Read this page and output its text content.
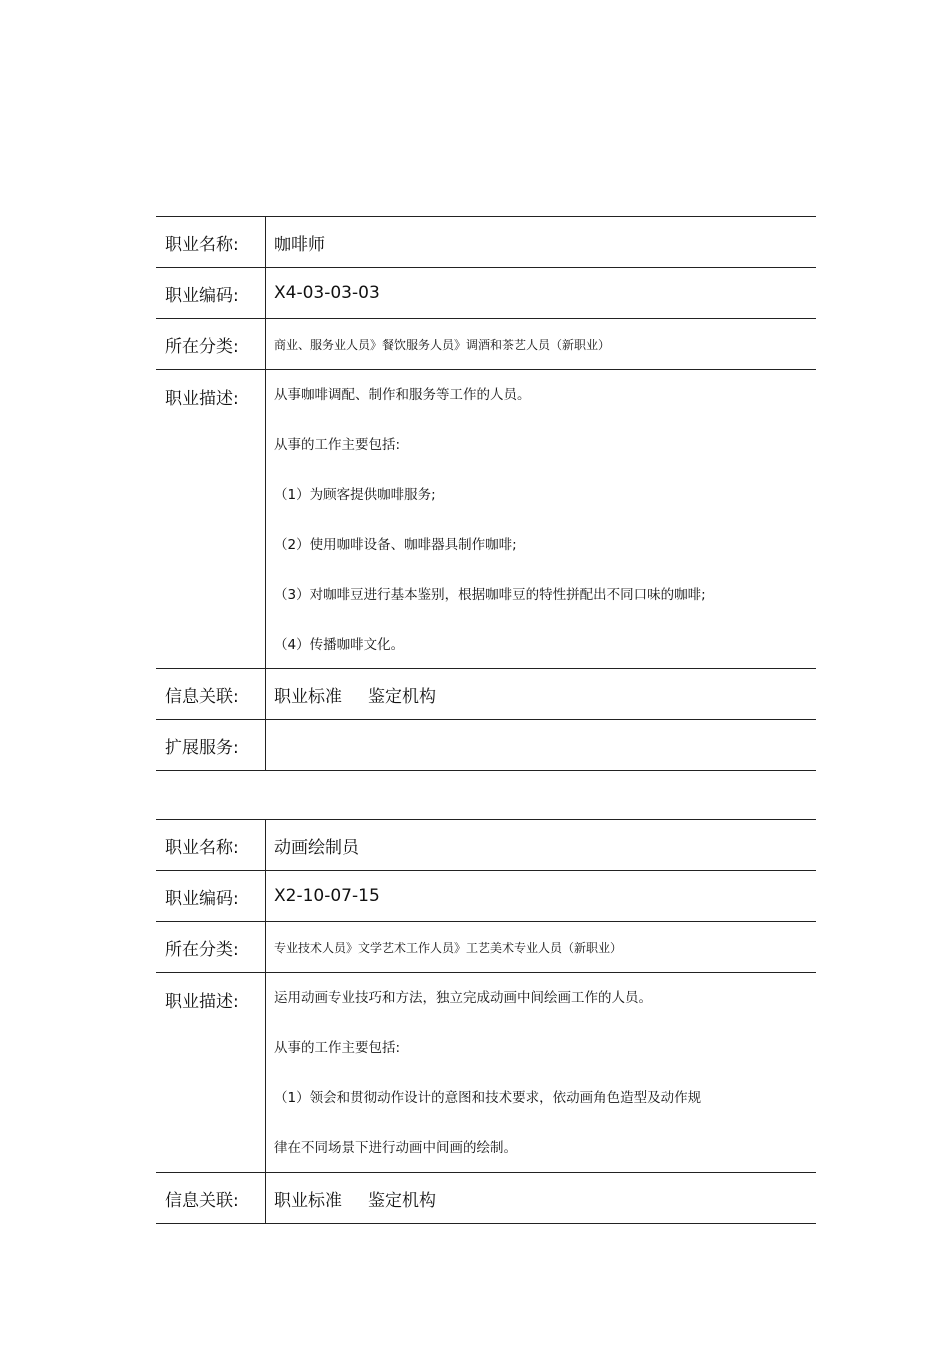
职业名称:	咖啡师
职业编码:	X4-03-03-03
所在分类:	商业、服务业人员》餐饮服务人员》调酒和茶艺人员（新职业）
职业描述:	从事咖啡调配、制作和服务等工作的人员。
从事的工作主要包括:
（1）为顾客提供咖啡服务;
（2）使用咖啡设备、咖啡器具制作咖啡;
（3）对咖啡豆进行基本鉴别，根据咖啡豆的特性拼配出不同口味的咖啡;
（4）传播咖啡文化。
信息关联:	职业标准 鉴定机构
扩展服务:
职业名称:	动画绘制员
职业编码:	X2-10-07-15
所在分类:	专业技术人员》文学艺术工作人员》工艺美术专业人员（新职业）
职业描述:	运用动画专业技巧和方法，独立完成动画中间绘画工作的人员。
从事的工作主要包括:
（1）领会和贯彻动作设计的意图和技术要求，依动画角色造型及动作规
律在不同场景下进行动画中间画的绘制。
信息关联:	职业标准 鉴定机构
